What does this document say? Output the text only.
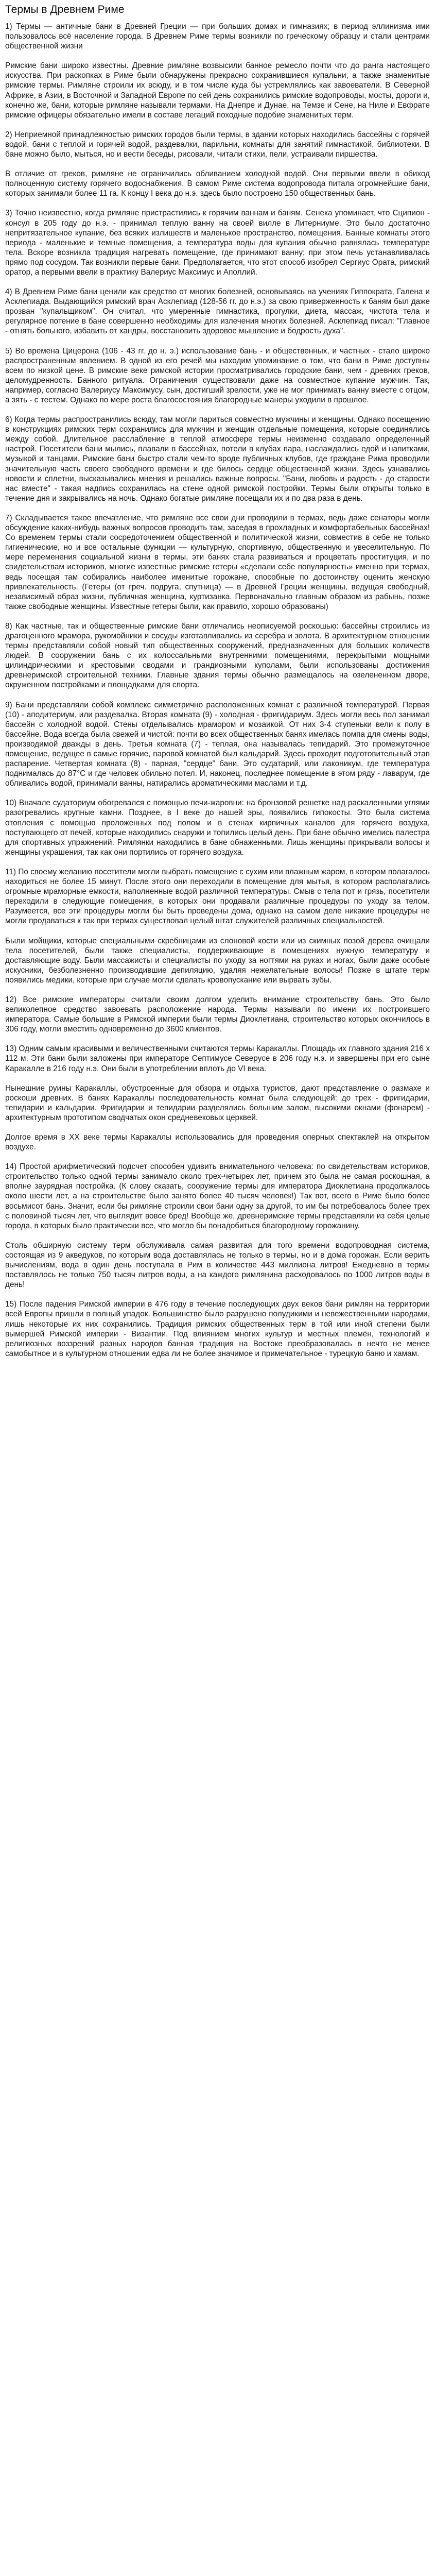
Термы в Древнем Риме

1) Термы — античные бани в Древней Греции — при больших домах и гимназиях; в период эллинизма ими пользовалось всё население города. В Древнем Риме термы возникли по греческому образцу и стали центрами общественной жизни

Римские бани широко известны. Древние римляне возвысили банное ремесло почти что до ранга настоящего искусства. При раскопках в Риме были обнаружены прекрасно сохранившиеся купальни, а также знаменитые римские термы. Римляне строили их всюду, и в том числе куда бы устремлялись как завоеватели. В Северной Африке, в Азии, в Восточной и Западной Европе по сей день сохранились римские водопроводы, мосты, дороги и, конечно же, бани, которые римляне называли термами. На Днепре и Дунае, на Темзе и Сене, на Ниле и Евфрате римские офицеры обязательно имели в составе легаций походные подобие знаменитых терм.

2) Неприемной принадлежностью римских городов были термы, в здании которых находились бассейны с горячей водой, бани с теплой и горячей водой, раздевалки, парильни, комнаты для занятий гимнастикой, библиотеки. В бане можно было, мыться, но и вести беседы, рисовали, читали стихи, пели, устраивали пиршества.

В отличие от греков, римляне не ограничились обливанием холодной водой. Они первыми ввели в обиход полноценную систему горячего водоснабжения. В самом Риме система водопровода питала огромнейшие бани, которых занимали более 11 га. К концу I века до н.э. здесь было построено 150 общественных бань.

3) Точно неизвестно, когда римляне пристрастились к горячим ваннам и баням. Сенека упоминает, что Сципион - консул в 205 году до н.э. - принимал теплую ванну на своей вилле в Литерниуме. Это было достаточно непритязательное купание, без всяких излишеств и маленькое пространство, помещения. Банные комнаты этого периода - маленькие и темные помещения, а температура воды для купания обычно равнялась температуре тела. Вскоре возникла традиция нагревать помещение, где принимают ванну; при этом печь устанавливалась прямо под сосудом. Так возникли первые бани. Предполагается, что этот способ изобрел Сергиус Ората, римский оратор, а первыми ввели в практику Валериус Максимус и Аполлий.

4) В Древнем Риме бани ценили как средство от многих болезней, основываясь на учениях Гиппократа, Галена и Асклепиада. Выдающийся римский врач Асклепиад (128-56 гг. до н.э.) за свою приверженность к баням был даже прозван "купальщиком". Он считал, что умеренные гимнастика, прогулки, диета, массаж, чистота тела и регулярное потение в бане совершенно необходимы для излечения многих болезней. Асклепиад писал: "Главное - отнять больного, избавить от хандры, восстановить здоровое мышление и бодрость духа".

5) Во времена Цицерона (106 - 43 гг. до н. э.) использование бань - и общественных, и частных - стало широко распространенным явлением. В одной из его речей мы находим упоминание о том, что бани в Риме доступны всем по низкой цене. В римские веке римской истории просматривались городские бани, чем - древних греков, целомудренность. Банного ритуала. Ограничения существовали даже на совместное купание мужчин. Так, например, согласно Валериусу Максимусу, сын, достигший зрелости, уже не мог принимать ванну вместе с отцом, а зять - с тестем. Однако по мере роста благосостояния благородные манеры уходили в прошлое.

6) Когда термы распространились всюду, там могли париться совместно мужчины и женщины. Однако посещению в конструкциях римских терм сохранились для мужчин и женщин отдельные помещения, которые соединялись между собой. Длительное расслабление в теплой атмосфере термы неизменно создавало определенный настрой. Посетители бани мылись, плавали в бассейнах, потели в клубах пара, наслаждались едой и напитками, музыкой и танцами. Римские бани быстро стали чем-то вроде публичных клубов, где граждане Рима проводили значительную часть своего свободного времени и где билось сердце общественной жизни. Здесь узнавались новости и сплетни, высказывались мнения и решались важные вопросы. "Бани, любовь и радость - до старости нас вместе" - такая надпись сохранилась на стене одной римской постройки. Термы были открыты только в течение дня и закрывались на ночь. Однако богатые римляне посещали их и по два раза в день.

7) Складывается такое впечатление, что римляне все свои дни проводили в термах, ведь даже сенаторы могли обсуждение каких-нибудь важных вопросов проводить там, заседая в прохладных и комфортабельных бассейнах! Со временем термы стали сосредоточением общественной и политической жизни, совместив в себе не только гигиенические, но и все остальные функции — культурную, спортивную, общественную и увеселительную. По мере переменения социальной жизни в термы, эти банях стала развиваться и процветать проституция, и по свидетельствам историков, многие известные римские гетеры «сделали себе популярность» именно при термах, ведь посещая там собирались наиболее именитые горожане, способные по достоинству оценить женскую привлекательность. (Гетеры (от греч. подруга, спутница) — в Древней Греции женщины, ведущая свободный, независимый образ жизни, публичная женщина, куртизанка. Первоначально главным образом из рабынь, позже также свободные женщины. Известные гетеры были, как правило, хорошо образованы)

8) Как частные, так и общественные римские бани отличались неописуемой роскошью: бассейны строились из драгоценного мрамора, рукомойники и сосуды изготавливались из серебра и золота. В архитектурном отношении термы представляли собой новый тип общественных сооружений, предназначенных для больших количеств людей. В сооружении бань с их колоссальными внутренними помещениями, перекрытыми мощными цилиндрическими и крестовыми сводами и грандиозными куполами, были использованы достижения древнеримской строительной техники. Главные здания термы обычно размещалось на озелененном дворе, окруженном постройками и площадками для спорта.

9) Бани представляли собой комплекс симметрично расположенных комнат с различной температурой. Первая (10) - аподитериум, или раздевалка. Вторая комната (9) - холодная - фригидариум. Здесь могли весь пол занимал бассейн с холодной водой. Стены отделывались мрамором и мозаикой. От них 3-4 ступеньки вели к полу в бассейне. Вода всегда была свежей и чистой: почти во всех общественных банях имелась помпа для смены воды, производимой дважды в день. Третья комната (7) - теплая, она называлась тепидарий. Это промежуточное помещение, ведущее в самые горячие, паровой комнатой был кальдарий. Здесь проходит подготовительный этап распарение. Четвертая комната (8) - парная, "сердце" бани. Это судатарий, или лаконикум, где температура поднималась до 87°С и где человек обильно потел. И, наконец, последнее помещение в этом ряду - лаварум, где обливались водой, принимали ванны, натирались ароматическими маслами и т.д.

10) Вначале судаториум обогревался с помощью печи-жаровни: на бронзовой решетке над раскаленными углями разогревались крупные камни. Позднее, в I веке до нашей эры, появились гипокосты. Это была система отопления с помощью проложенных под полом и в стенах кирпичных каналов для горячего воздуха, поступающего от печей, которые находились снаружи и топились целый день. При бане обычно имелись палестра для спортивных упражнений. Римлянки находились в бане обнаженными. Лишь женщины прикрывали волосы и женщины украшения, так как они портились от горячего воздуха.

11) По своему желанию посетители могли выбрать помещение с сухим или влажным жаром, в котором полагалось находиться не более 15 минут. После этого они переходили в помещение для мытья, в котором располагались огромные мраморные емкости, наполненные водой различной температуры. Смыв с тела пот и грязь, посетители переходили в следующие помещения, в которых они продавали различные процедуры по уходу за телом. Разумеется, все эти процедуры могли бы быть проведены дома, однако на самом деле никакие процедуры не могли продаваться к так при термах существовал целый штат служителей различных специальностей.

Были мойщики, которые специальными скребницами из слоновой кости или из скимных позой дерева очищали тела посетителей, были также специалисты, поддерживающие в помещениях нужную температуру и доставляющие воду. Были массажисты и специалисты по уходу за ногтями на руках и ногах, были даже особые искусники, безболезненно производившие депиляцию, удаляя нежелательные волосы! Позже в штате терм появились медики, которые при случае могли сделать кровопускание или вырвать зубы.

12) Все римские императоры считали своим долгом уделить внимание строительству бань. Это было великолепное средство завоевать расположение народа. Термы называли по имени их построившего императора. Самые большие в Римской империи были термы Диоклетиана, строительство которых окончилось в 306 году, могли вместить одновременно до 3600 клиентов.

13) Одним самым красивыми и величественными считаются термы Каракаллы. Площадь их главного здания 216 х 112 м. Эти бани были заложены при императоре Септимусе Северусе в 206 году н.э. и завершены при его сыне Каракалле в 216 году н.э. Они были в употреблении вплоть до VI века.

Нынешние руины Каракаллы, обустроенные для обзора и отдыха туристов, дают представление о размахе и роскоши древних. В банях Каракаллы последовательность комнат была следующей: до трех - фригидарии, тепидарии и кальдарии. Фригидарии и тепидарии разделялись большим залом, высокими окнами (фонарем) - архитектурным прототипом сводчатых окон средневековых церквей.

Долгое время в XX веке термы Каракаллы использовались для проведения оперных спектаклей на открытом воздухе.

14) Простой арифметический подсчет способен удивить внимательного человека: по свидетельствам историков, строительство только одной термы занимало около трех-четырех лет, причем это была не самая роскошная, а вполне заурядная постройка. (К слову сказать, сооружение термы для императора Диоклетиана продолжалось около шести лет, а на строительстве было занято более 40 тысяч человек!) Так вот, всего в Риме было более восьмисот бань. Значит, если бы римляне строили свои бани одну за другой, то им бы потребовалось более трех с половиной тысяч лет, что выглядит вовсе бред! Вообще же, древнеримские термы представляли из себя целые города, в которых было практически все, что могло бы понадобиться благородному горожанину.

Столь обширную систему терм обслуживала самая развитая для того времени водопроводная система, состоящая из 9 акведуков, по которым вода доставлялась не только в термы, но и в дома горожан. Если верить вычислениям, вода в один день поступала в Рим в количестве 443 миллиона литров! Ежедневно в термы поставлялось не только 750 тысяч литров воды, а на каждого римлянина расходовалось по 1000 литров воды в день!

15) После падения Римской империи в 476 году в течение последующих двух веков бани римлян на территории всей Европы пришли в полный упадок. Большинство было разрушено полудикими и невежественными народами, лишь некоторые их них сохранились. Традиция римских общественных терм в той или иной степени были вымершей Римской империи - Византии. Под влиянием многих культур и местных племён, технологий и религиозных воззрений разных народов банная традиция на Востоке преобразовалась в нечто не менее самобытное и в культурном отношении едва ли не более значимое и примечательное - турецкую баню и хамам.
